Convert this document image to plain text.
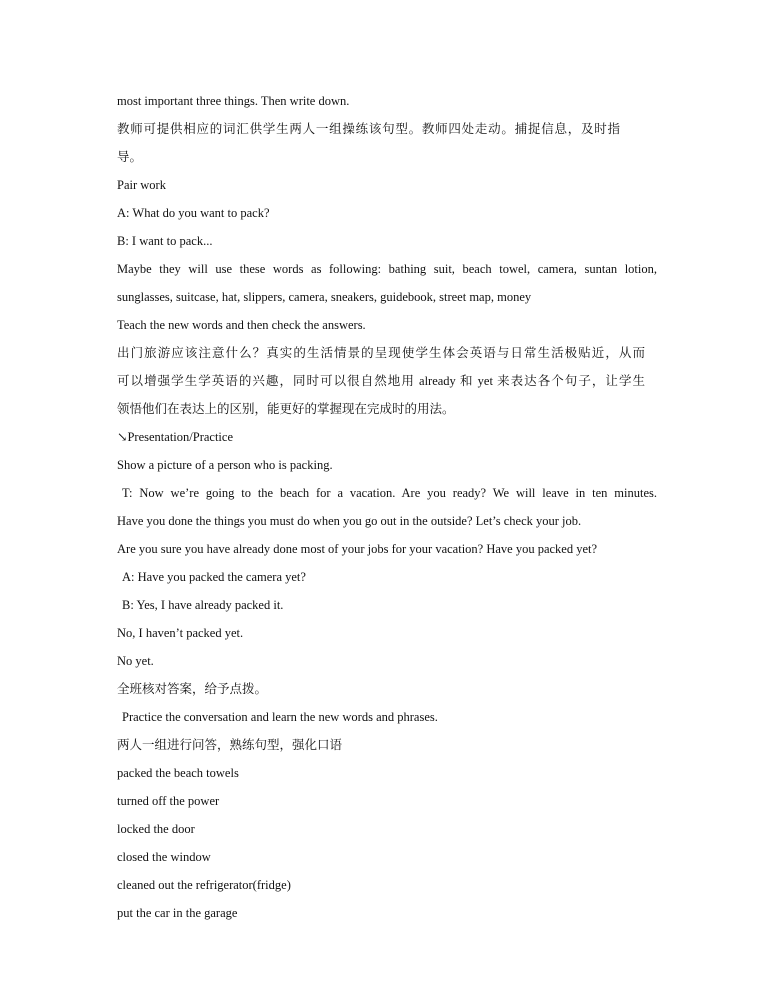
most important three things. Then write down.
教师可提供相应的词汇供学生两人一组操练该句型。教师四处走动。捕捉信息，及时指
导。
Pair work
A: What do you want to pack?
B: I want to pack...
Maybe they will use these words as following: bathing suit, beach towel, camera, suntan lotion,
sunglasses, suitcase, hat, slippers, camera, sneakers, guidebook, street map, money
Teach the new words and then check the answers.
出门旅游应该注意什么？真实的生活情景的呈现使学生体会英语与日常生活极贴近，从而
可以增强学生学英语的兴趣，同时可以很自然地用 already 和 yet 来表达各个句子，让学生
领悟他们在表达上的区别，能更好的掌握现在完成时的用法。
↘Presentation/Practice
Show a picture of a person who is packing.
T: Now we’re going to the beach for a vacation. Are you ready? We will leave in ten minutes.
Have you done the things you must do when you go out in the outside? Let’s check your job.
Are you sure you have already done most of your jobs for your vacation? Have you packed yet?
A: Have you packed the camera yet?
B: Yes, I have already packed it.
No, I haven’t packed yet.
No yet.
全班核对答案，给予点拨。
Practice the conversation and learn the new words and phrases.
两人一组进行问答，熟练句型，强化口语
packed the beach towels
turned off the power
locked the door
closed the window
cleaned out the refrigerator(fridge)
put the car in the garage
